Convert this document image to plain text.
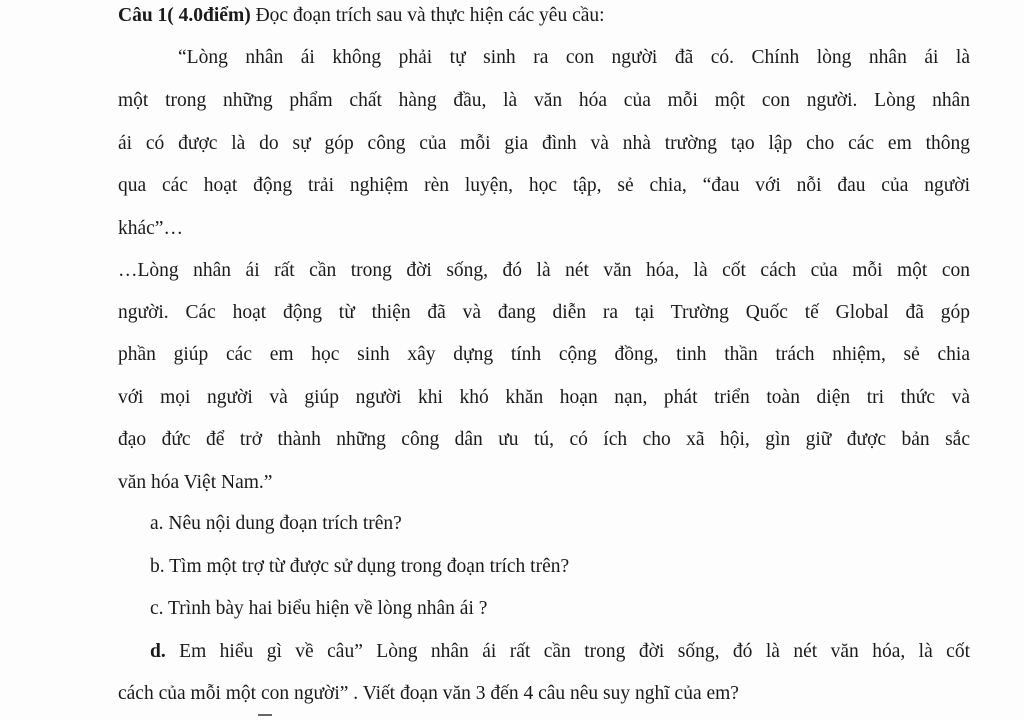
Câu 1( 4.0điểm) Đọc đoạn trích sau và thực hiện các yêu cầu:
“Lòng nhân ái không phải tự sinh ra con người đã có. Chính lòng nhân ái là
một trong những phẩm chất hàng đầu, là văn hóa của mỗi một con người. Lòng nhân
ái có được là do sự góp công của mỗi gia đình và nhà trường tạo lập cho các em thông
qua các hoạt động trải nghiệm rèn luyện, học tập, sẻ chia, “đau với nỗi đau của người
khác”…
…Lòng nhân ái rất cần trong đời sống, đó là nét văn hóa, là cốt cách của mỗi một con
người. Các hoạt động từ thiện đã và đang diễn ra tại Trường Quốc tế Global đã góp
phần giúp các em học sinh xây dựng tính cộng đồng, tinh thần trách nhiệm, sẻ chia
với mọi người và giúp người khi khó khăn hoạn nạn, phát triển toàn diện tri thức và
đạo đức để trở thành những công dân ưu tú, có ích cho xã hội, gìn giữ được bản sắc
văn hóa Việt Nam.”
a. Nêu nội dung đoạn trích trên?
b. Tìm một trợ từ được sử dụng trong đoạn trích trên?
c. Trình bày hai biểu hiện về lòng nhân ái ?
d. Em hiểu gì về câu” Lòng nhân ái rất cần trong đời sống, đó là nét văn hóa, là cốt
cách của mỗi một con người” . Viết đoạn văn 3 đến 4 câu nêu suy nghĩ của em?
